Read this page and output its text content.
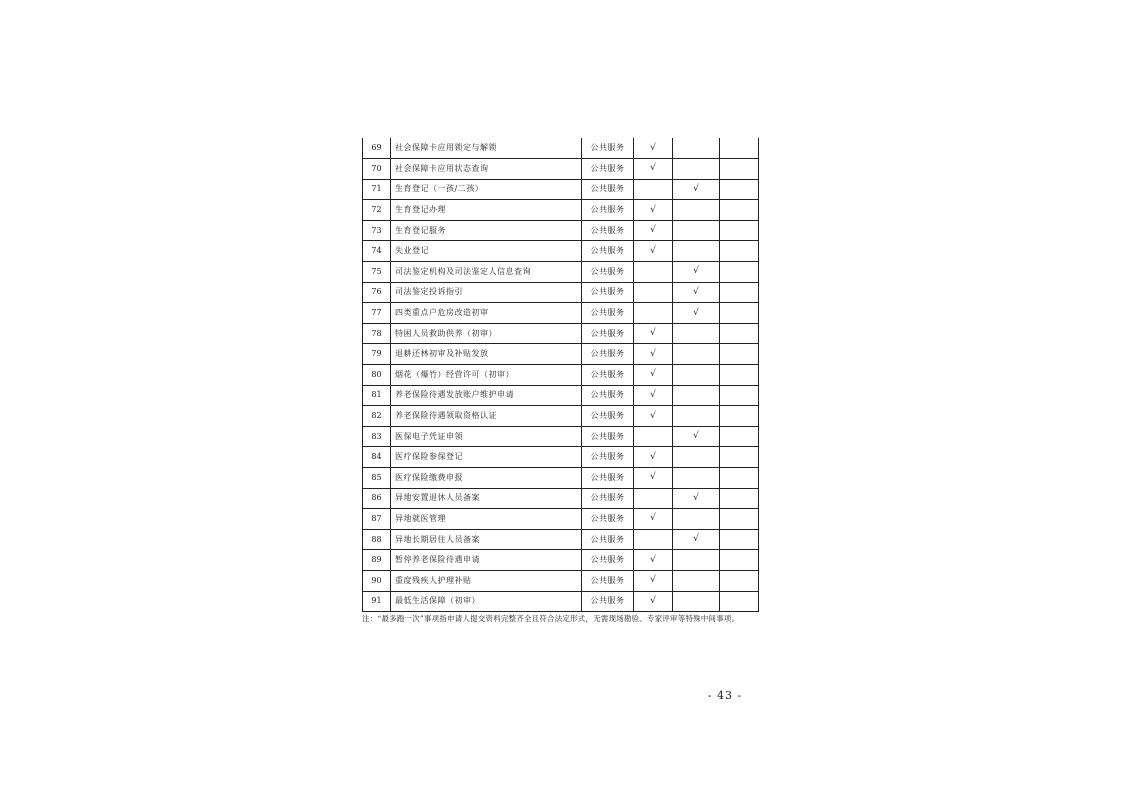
69	社会保障卡应用锁定与解锁	公共服务	√		
70	社会保障卡应用状态查询	公共服务	√		
71	生育登记（一孩/二孩）	公共服务		√	
72	生育登记办理	公共服务	√		
73	生育登记服务	公共服务	√		
74	失业登记	公共服务	√		
75	司法鉴定机构及司法鉴定人信息查询	公共服务		√	
76	司法鉴定投诉指引	公共服务		√	
77	四类重点户危房改造初审	公共服务		√	
78	特困人员救助供养（初审）	公共服务	√		
79	退耕还林初审及补贴发放	公共服务	√		
80	烟花（爆竹）经营许可（初审）	公共服务	√		
81	养老保险待遇发放账户维护申请	公共服务	√		
82	养老保险待遇领取资格认证	公共服务	√		
83	医保电子凭证申领	公共服务		√	
84	医疗保险参保登记	公共服务	√		
85	医疗保险缴费申报	公共服务	√		
86	异地安置退休人员备案	公共服务		√	
87	异地就医管理	公共服务	√		
88	异地长期居住人员备案	公共服务		√	
89	暂停养老保险待遇申请	公共服务	√		
90	重度残疾人护理补贴	公共服务	√		
91	最低生活保障（初审）	公共服务	√		
注：“最多跑一次”事项指申请人提交资料完整齐全且符合法定形式，无需现场勘验、专家评审等特殊中间事项。
- 43 -
